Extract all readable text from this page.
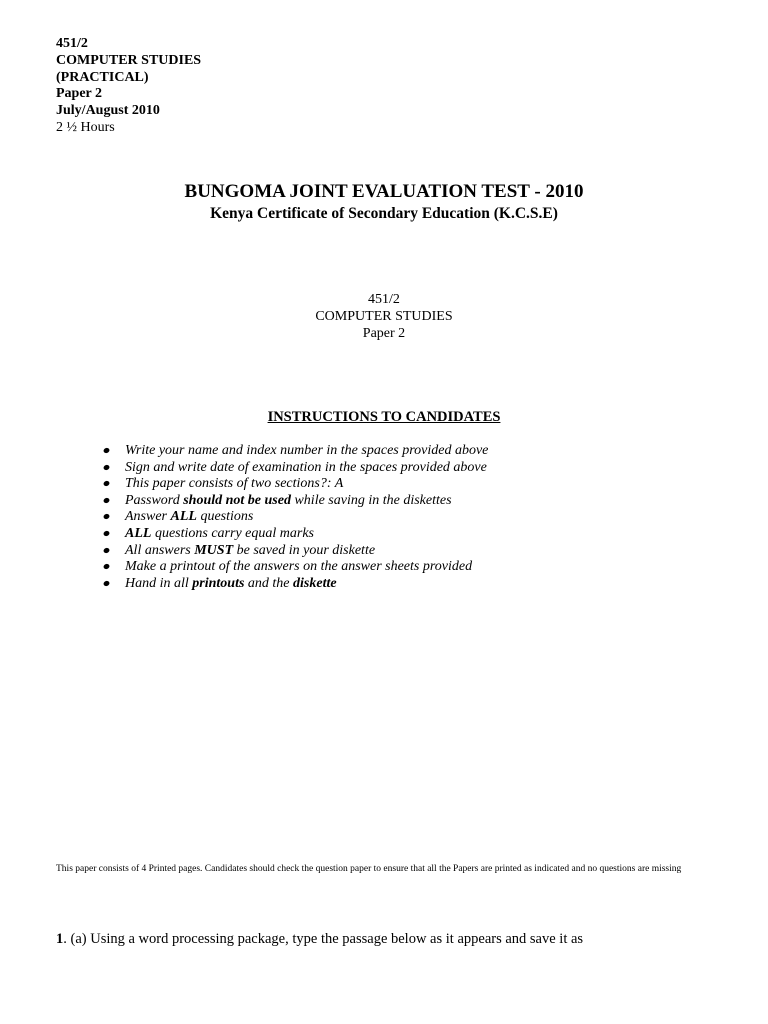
451/2
COMPUTER STUDIES
(PRACTICAL)
Paper 2
July/August 2010
2 ½ Hours
BUNGOMA JOINT EVALUATION TEST - 2010
Kenya Certificate of Secondary Education (K.C.S.E)
451/2
COMPUTER STUDIES
Paper 2
INSTRUCTIONS TO CANDIDATES
Write your name and index number in the spaces provided above
Sign and write date of examination in the spaces provided above
This paper consists of two sections?: A
Password should not be used while saving in the diskettes
Answer ALL questions
ALL questions carry equal marks
All answers MUST be saved in your diskette
Make a printout of the answers on the answer sheets provided
Hand in all printouts and the diskette
This paper consists of 4 Printed pages. Candidates should check the question paper to ensure that all the Papers are printed as indicated and no questions are missing
1. (a) Using a word processing package, type the passage below as it appears and save it as
